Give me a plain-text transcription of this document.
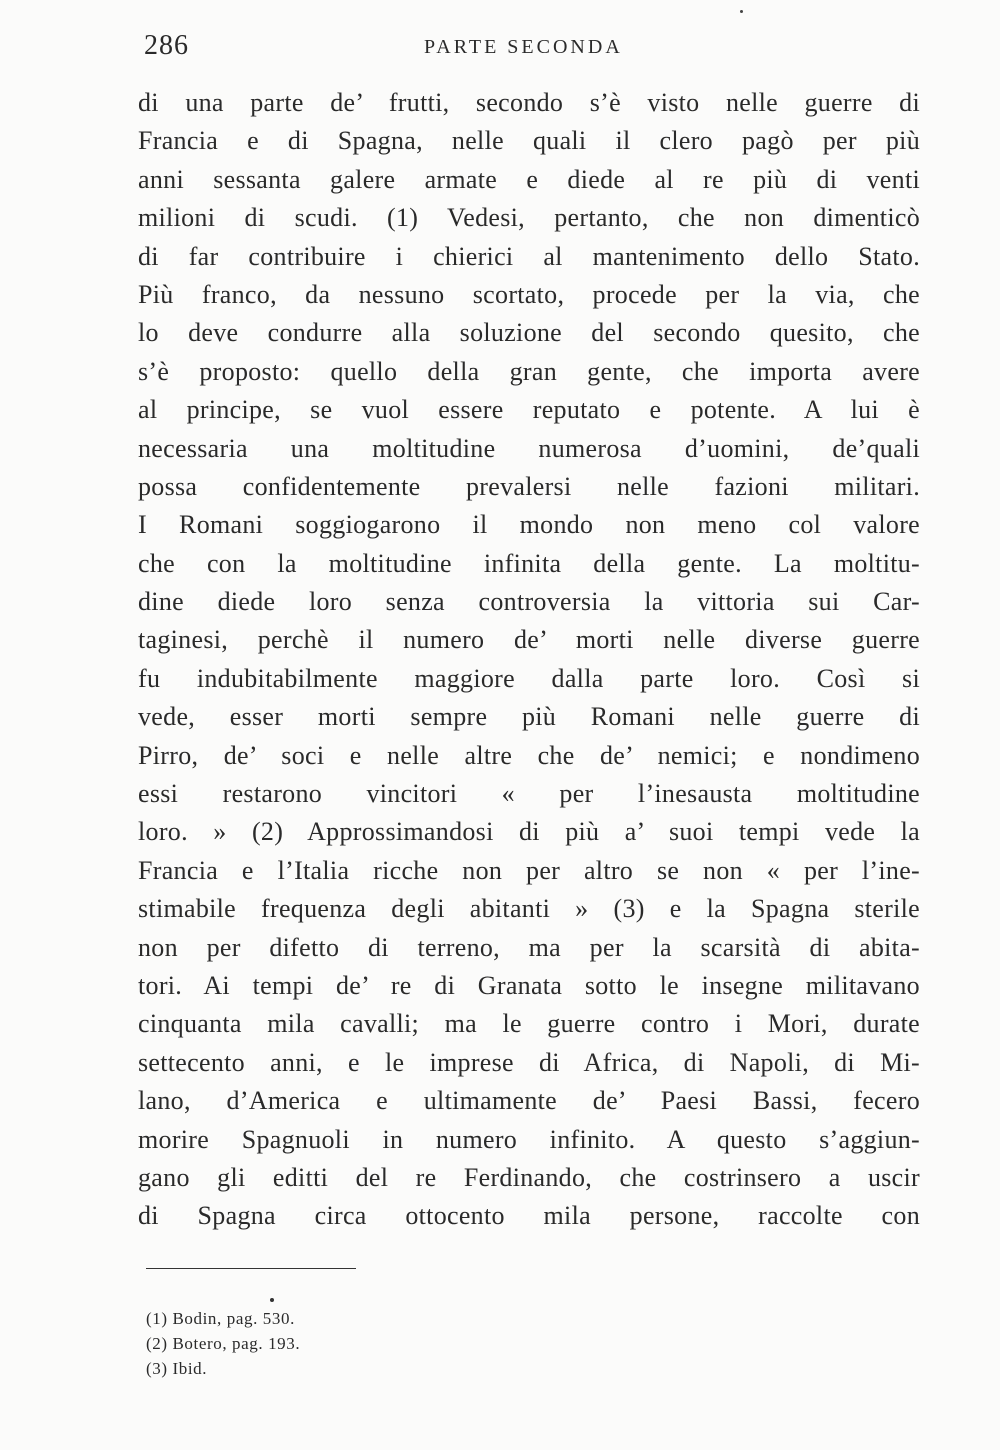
286	PARTE SECONDA
di una parte de’ frutti, secondo s’è visto nelle guerre di
Francia e di Spagna, nelle quali il clero pagò per più
anni sessanta galere armate e diede al re più di venti
milioni di scudi. (1) Vedesi, pertanto, che non dimenticò
di far contribuire i chierici al mantenimento dello Stato.
Più franco, da nessuno scortato, procede per la via, che
lo deve condurre alla soluzione del secondo quesito, che
s’è proposto: quello della gran gente, che importa avere
al principe, se vuol essere reputato e potente. A lui è
necessaria una moltitudine numerosa d’uomini, de’quali
possa confidentemente prevalersi nelle fazioni militari.
I Romani soggiogarono il mondo non meno col valore
che con la moltitudine infinita della gente. La moltitu-
dine diede loro senza controversia la vittoria sui Car-
taginesi, perchè il numero de’ morti nelle diverse guerre
fu indubitabilmente maggiore dalla parte loro. Così si
vede, esser morti sempre più Romani nelle guerre di
Pirro, de’ soci e nelle altre che de’ nemici; e nondimeno
essi restarono vincitori « per l’inesausta moltitudine
loro. » (2) Approssimandosi di più a’ suoi tempi vede la
Francia e l’Italia ricche non per altro se non « per l’ine-
stimabile frequenza degli abitanti » (3) e la Spagna sterile
non per difetto di terreno, ma per la scarsità di abita-
tori. Ai tempi de’ re di Granata sotto le insegne militavano
cinquanta mila cavalli; ma le guerre contro i Mori, durate
settecento anni, e le imprese di Africa, di Napoli, di Mi-
lano, d’America e ultimamente de’ Paesi Bassi, fecero
morire Spagnuoli in numero infinito. A questo s’aggiun-
gano gli editti del re Ferdinando, che costrinsero a uscir
di Spagna circa ottocento mila persone, raccolte con
(1) Bodin, pag. 530.
(2) Botero, pag. 193.
(3) Ibid.
